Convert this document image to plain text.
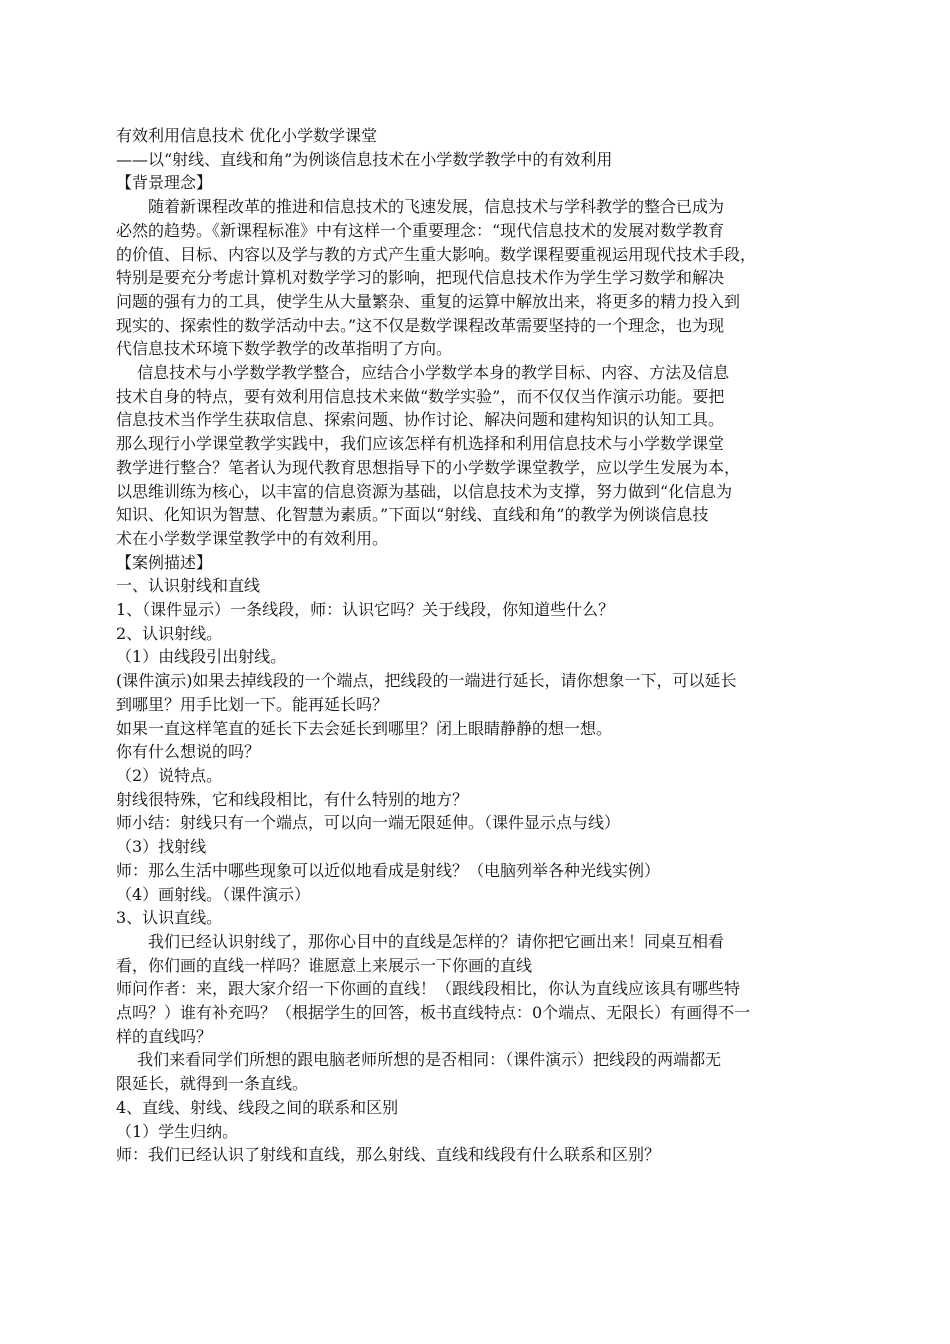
有效利用信息技术 优化小学数学课堂
——以“射线、直线和角”为例谈信息技术在小学数学教学中的有效利用
【背景理念】
　　随着新课程改革的推进和信息技术的飞速发展，信息技术与学科教学的整合已成为
必然的趋势。《新课程标准》中有这样一个重要理念：“现代信息技术的发展对数学教育
的价值、目标、内容以及学与教的方式产生重大影响。数学课程要重视运用现代技术手段，
特别是要充分考虑计算机对数学学习的影响，把现代信息技术作为学生学习数学和解决
问题的强有力的工具，使学生从大量繁杂、重复的运算中解放出来，将更多的精力投入到
现实的、探索性的数学活动中去。”这不仅是数学课程改革需要坚持的一个理念，也为现
代信息技术环境下数学教学的改革指明了方向。
　 信息技术与小学数学教学整合，应结合小学数学本身的教学目标、内容、方法及信息
技术自身的特点，要有效利用信息技术来做“数学实验”，而不仅仅当作演示功能。要把
信息技术当作学生获取信息、探索问题、协作讨论、解决问题和建构知识的认知工具。
那么现行小学课堂教学实践中，我们应该怎样有机选择和利用信息技术与小学数学课堂
教学进行整合？笔者认为现代教育思想指导下的小学数学课堂教学，应以学生发展为本，
以思维训练为核心，以丰富的信息资源为基础，以信息技术为支撑，努力做到“化信息为
知识、化知识为智慧、化智慧为素质。”下面以“射线、直线和角”的教学为例谈信息技
术在小学数学课堂教学中的有效利用。
【案例描述】
一、认识射线和直线
1、（课件显示）一条线段，师：认识它吗？关于线段，你知道些什么？
2、认识射线。
（1）由线段引出射线。
(课件演示)如果去掉线段的一个端点，把线段的一端进行延长，请你想象一下，可以延长
到哪里？用手比划一下。能再延长吗？
如果一直这样笔直的延长下去会延长到哪里？闭上眼睛静静的想一想。
你有什么想说的吗？
（2）说特点。
射线很特殊，它和线段相比，有什么特别的地方？
师小结：射线只有一个端点，可以向一端无限延伸。（课件显示点与线）
（3）找射线
师：那么生活中哪些现象可以近似地看成是射线？（电脑列举各种光线实例）
（4）画射线。（课件演示）
3、认识直线。
　　我们已经认识射线了，那你心目中的直线是怎样的？请你把它画出来！同桌互相看
看，你们画的直线一样吗？谁愿意上来展示一下你画的直线
师问作者：来，跟大家介绍一下你画的直线！（跟线段相比，你认为直线应该具有哪些特
点吗？）谁有补充吗？（根据学生的回答，板书直线特点：0个端点、无限长）有画得不一
样的直线吗？
　 我们来看同学们所想的跟电脑老师所想的是否相同：（课件演示）把线段的两端都无
限延长，就得到一条直线。
4、直线、射线、线段之间的联系和区别
（1）学生归纳。
师：我们已经认识了射线和直线，那么射线、直线和线段有什么联系和区别？
